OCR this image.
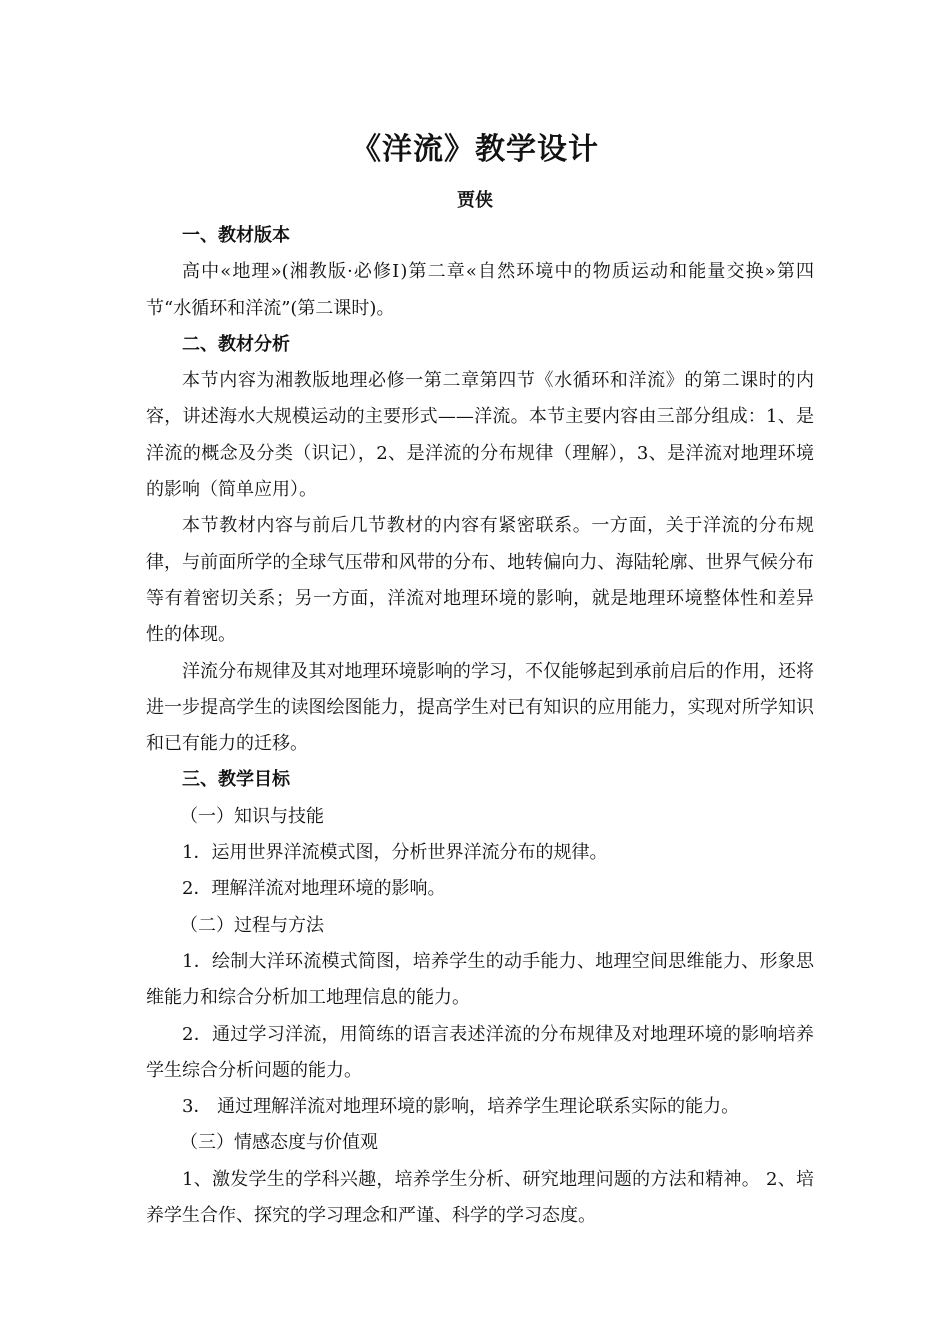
《洋流》教学设计
贾侠

一、教材版本

高中«地理»(湘教版·必修Ⅰ)第二章«自然环境中的物质运动和能量交换»第四节“水循环和洋流”(第二课时)。

二、教材分析

本节内容为湘教版地理必修一第二章第四节《水循环和洋流》的第二课时的内容，讲述海水大规模运动的主要形式——洋流。本节主要内容由三部分组成：1、是洋流的概念及分类（识记），2、是洋流的分布规律（理解），3、是洋流对地理环境的影响（简单应用）。

本节教材内容与前后几节教材的内容有紧密联系。一方面，关于洋流的分布规律，与前面所学的全球气压带和风带的分布、地转偏向力、海陆轮廓、世界气候分布等有着密切关系；另一方面，洋流对地理环境的影响，就是地理环境整体性和差异 性的体现。

洋流分布规律及其对地理环境影响的学习，不仅能够起到承前启后的作用，还将进一步提高学生的读图绘图能力，提高学生对已有知识的应用能力，实现对所学知识和已有能力的迁移。

三、教学目标

（一）知识与技能

1．运用世界洋流模式图，分析世界洋流分布的规律。

2．理解洋流对地理环境的影响。

（二）过程与方法

1．绘制大洋环流模式简图，培养学生的动手能力、地理空间思维能力、形象思维能力和综合分析加工地理信息的能力。

2．通过学习洋流，用简练的语言表述洋流的分布规律及对地理环境的影响培养学生综合分析问题的能力。

3． 通过理解洋流对地理环境的影响，培养学生理论联系实际的能力。

（三）情感态度与价值观

1、激发学生的学科兴趣，培养学生分析、研究地理问题的方法和精神。 2、培养学生合作、探究的学习理念和严谨、科学的学习态度。
